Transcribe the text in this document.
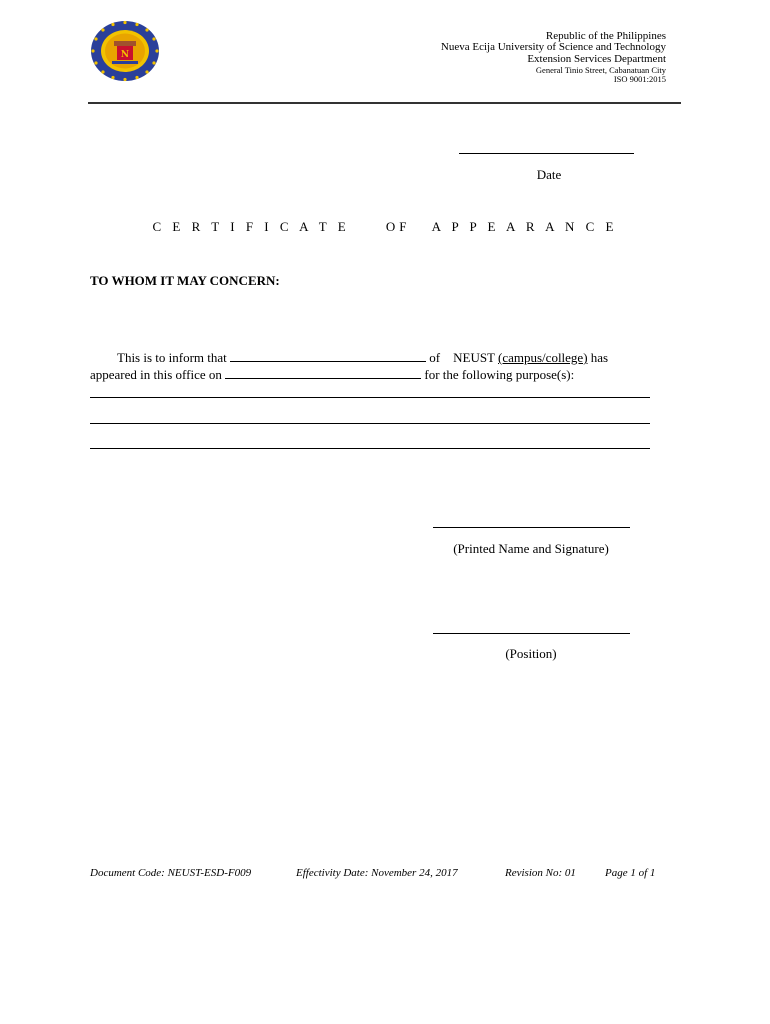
N
Republic of the Philippines
Nueva Ecija University of Science and Technology
Extension Services Department
General Tinio Street, Cabanatuan City
ISO 9001:2015
Date
C E R T I F I C A T E     OF   A P P E A R A N C E
TO WHOM IT MAY CONCERN:
This is to inform that	of    NEUST (campus/college) has
appeared in this office on	for the following purpose(s):
(Printed Name and Signature)
(Position)
Document Code: NEUST-ESD-F009	Effectivity Date: November 24, 2017	Revision No: 01	Page 1 of 1
